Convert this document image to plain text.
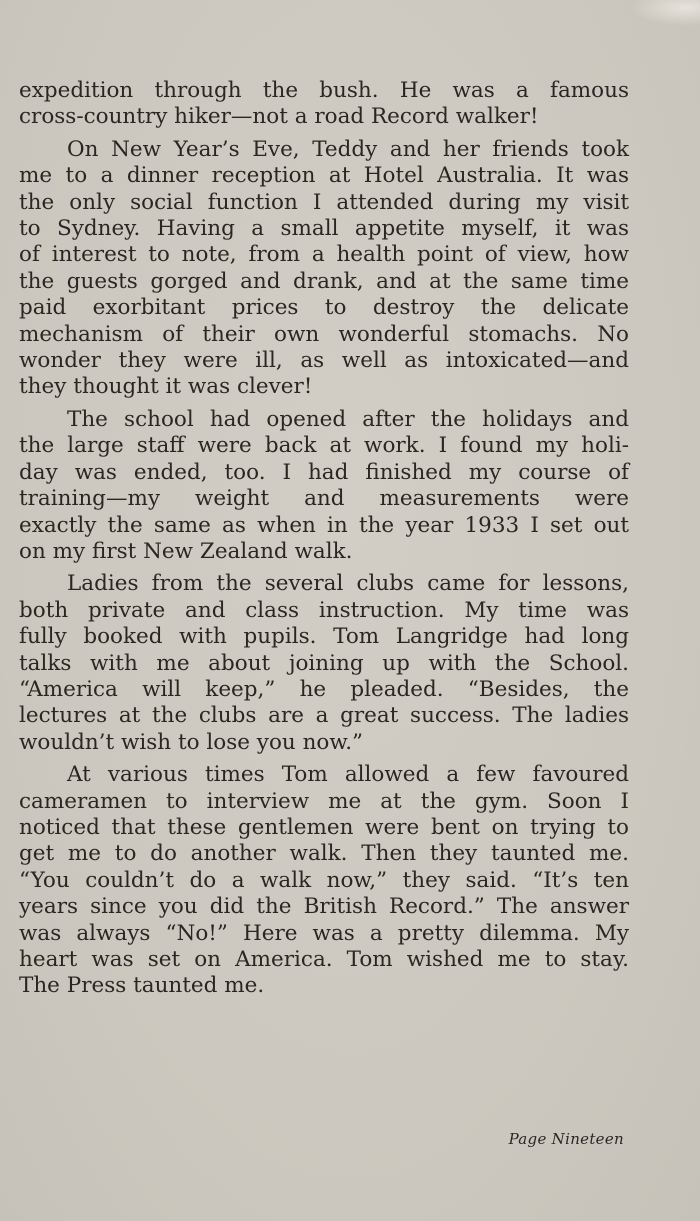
expedition through the bush. He was a famous
cross-country hiker—not a road Record walker!
On New Year’s Eve, Teddy and her friends took
me to a dinner reception at Hotel Australia. It was
the only social function I attended during my visit
to Sydney. Having a small appetite myself, it was
of interest to note, from a health point of view, how
the guests gorged and drank, and at the same time
paid exorbitant prices to destroy the delicate
mechanism of their own wonderful stomachs. No
wonder they were ill, as well as intoxicated—and
they thought it was clever!
The school had opened after the holidays and
the large staff were back at work. I found my holi-
day was ended, too. I had finished my course of
training—my weight and measurements were
exactly the same as when in the year 1933 I set out
on my first New Zealand walk.
Ladies from the several clubs came for lessons,
both private and class instruction. My time was
fully booked with pupils. Tom Langridge had long
talks with me about joining up with the School.
“America will keep,” he pleaded. “Besides, the
lectures at the clubs are a great success. The ladies
wouldn’t wish to lose you now.”
At various times Tom allowed a few favoured
cameramen to interview me at the gym. Soon I
noticed that these gentlemen were bent on trying to
get me to do another walk. Then they taunted me.
“You couldn’t do a walk now,” they said. “It’s ten
years since you did the British Record.” The answer
was always “No!” Here was a pretty dilemma. My
heart was set on America. Tom wished me to stay.
The Press taunted me.
Page Nineteen
